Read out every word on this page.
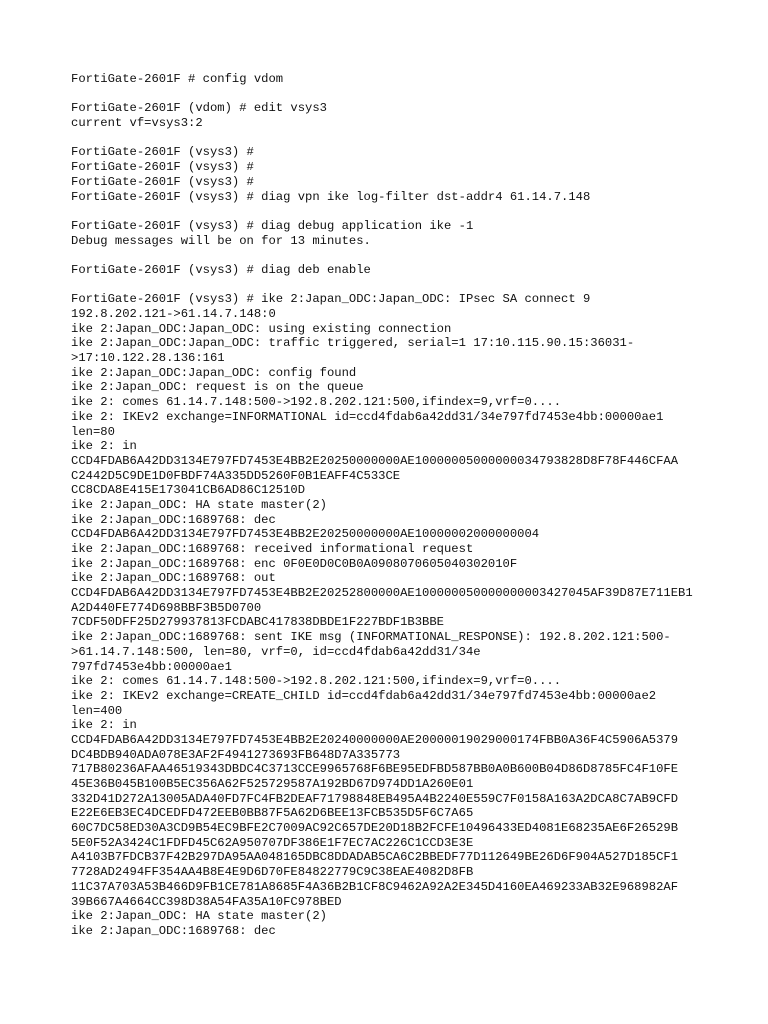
FortiGate-2601F # config vdom
FortiGate-2601F (vdom) # edit vsys3
current vf=vsys3:2
FortiGate-2601F (vsys3) #
FortiGate-2601F (vsys3) #
FortiGate-2601F (vsys3) #
FortiGate-2601F (vsys3) # diag vpn ike log-filter dst-addr4 61.14.7.148
FortiGate-2601F (vsys3) # diag debug application ike -1
Debug messages will be on for 13 minutes.
FortiGate-2601F (vsys3) # diag deb enable
FortiGate-2601F (vsys3) # ike 2:Japan_ODC:Japan_ODC: IPsec SA connect 9
192.8.202.121->61.14.7.148:0
ike 2:Japan_ODC:Japan_ODC: using existing connection
ike 2:Japan_ODC:Japan_ODC: traffic triggered, serial=1 17:10.115.90.15:36031-
>17:10.122.28.136:161
ike 2:Japan_ODC:Japan_ODC: config found
ike 2:Japan_ODC: request is on the queue
ike 2: comes 61.14.7.148:500->192.8.202.121:500,ifindex=9,vrf=0....
ike 2: IKEv2 exchange=INFORMATIONAL id=ccd4fdab6a42dd31/34e797fd7453e4bb:00000ae1
len=80
ike 2: in
CCD4FDAB6A42DD3134E797FD7453E4BB2E20250000000AE10000005000000034793828D8F78F446CFAA
C2442D5C9DE1D0FBDF74A335DD5260F0B1EAFF4C533CE
CC8CDA8E415E173041CB6AD86C12510D
ike 2:Japan_ODC: HA state master(2)
ike 2:Japan_ODC:1689768: dec
CCD4FDAB6A42DD3134E797FD7453E4BB2E20250000000AE10000002000000004
ike 2:Japan_ODC:1689768: received informational request
ike 2:Japan_ODC:1689768: enc 0F0E0D0C0B0A0908070605040302010F
ike 2:Japan_ODC:1689768: out
CCD4FDAB6A42DD3134E797FD7453E4BB2E20252800000AE100000050000000003427045AF39D87E711EB1
A2D440FE774D698BBF3B5D0700
7CDF50DFF25D279937813FCDABC417838DBDE1F227BDF1B3BBE
ike 2:Japan_ODC:1689768: sent IKE msg (INFORMATIONAL_RESPONSE): 192.8.202.121:500-
>61.14.7.148:500, len=80, vrf=0, id=ccd4fdab6a42dd31/34e
797fd7453e4bb:00000ae1
ike 2: comes 61.14.7.148:500->192.8.202.121:500,ifindex=9,vrf=0....
ike 2: IKEv2 exchange=CREATE_CHILD id=ccd4fdab6a42dd31/34e797fd7453e4bb:00000ae2
len=400
ike 2: in
CCD4FDAB6A42DD3134E797FD7453E4BB2E20240000000AE20000019029000174FBB0A36F4C5906A5379
DC4BDB940ADA078E3AF2F4941273693FB648D7A335773
717B80236AFAA46519343DBDC4C3713CCE9965768F6BE95EDFBD587BB0A0B600B04D86D8785FC4F10FE
45E36B045B100B5EC356A62F525729587A192BD67D974DD1A260E01
332D41D272A13005ADA40FD7FC4FB2DEAF71798848EB495A4B2240E559C7F0158A163A2DCA8C7AB9CFD
E22E6EB3EC4DCEDFD472EEB0BB87F5A62D6BEE13FCB535D5F6C7A65
60C7DC58ED30A3CD9B54EC9BFE2C7009AC92C657DE20D18B2FCFE10496433ED4081E68235AE6F26529B
5E0F52A3424C1FDFD45C62A950707DF386E1F7EC7AC226C1CCD3E3E
A4103B7FDCB37F42B297DA95AA048165DBC8DDADAB5CA6C2BBEDF77D112649BE26D6F904A527D185CF1
7728AD2494FF354AA4B8E4E9D6D70FE84822779C9C38EAE4082D8FB
11C37A703A53B466D9FB1CE781A8685F4A36B2B1CF8C9462A92A2E345D4160EA469233AB32E968982AF
39B667A4664CC398D38A54FA35A10FC978BED
ike 2:Japan_ODC: HA state master(2)
ike 2:Japan_ODC:1689768: dec
